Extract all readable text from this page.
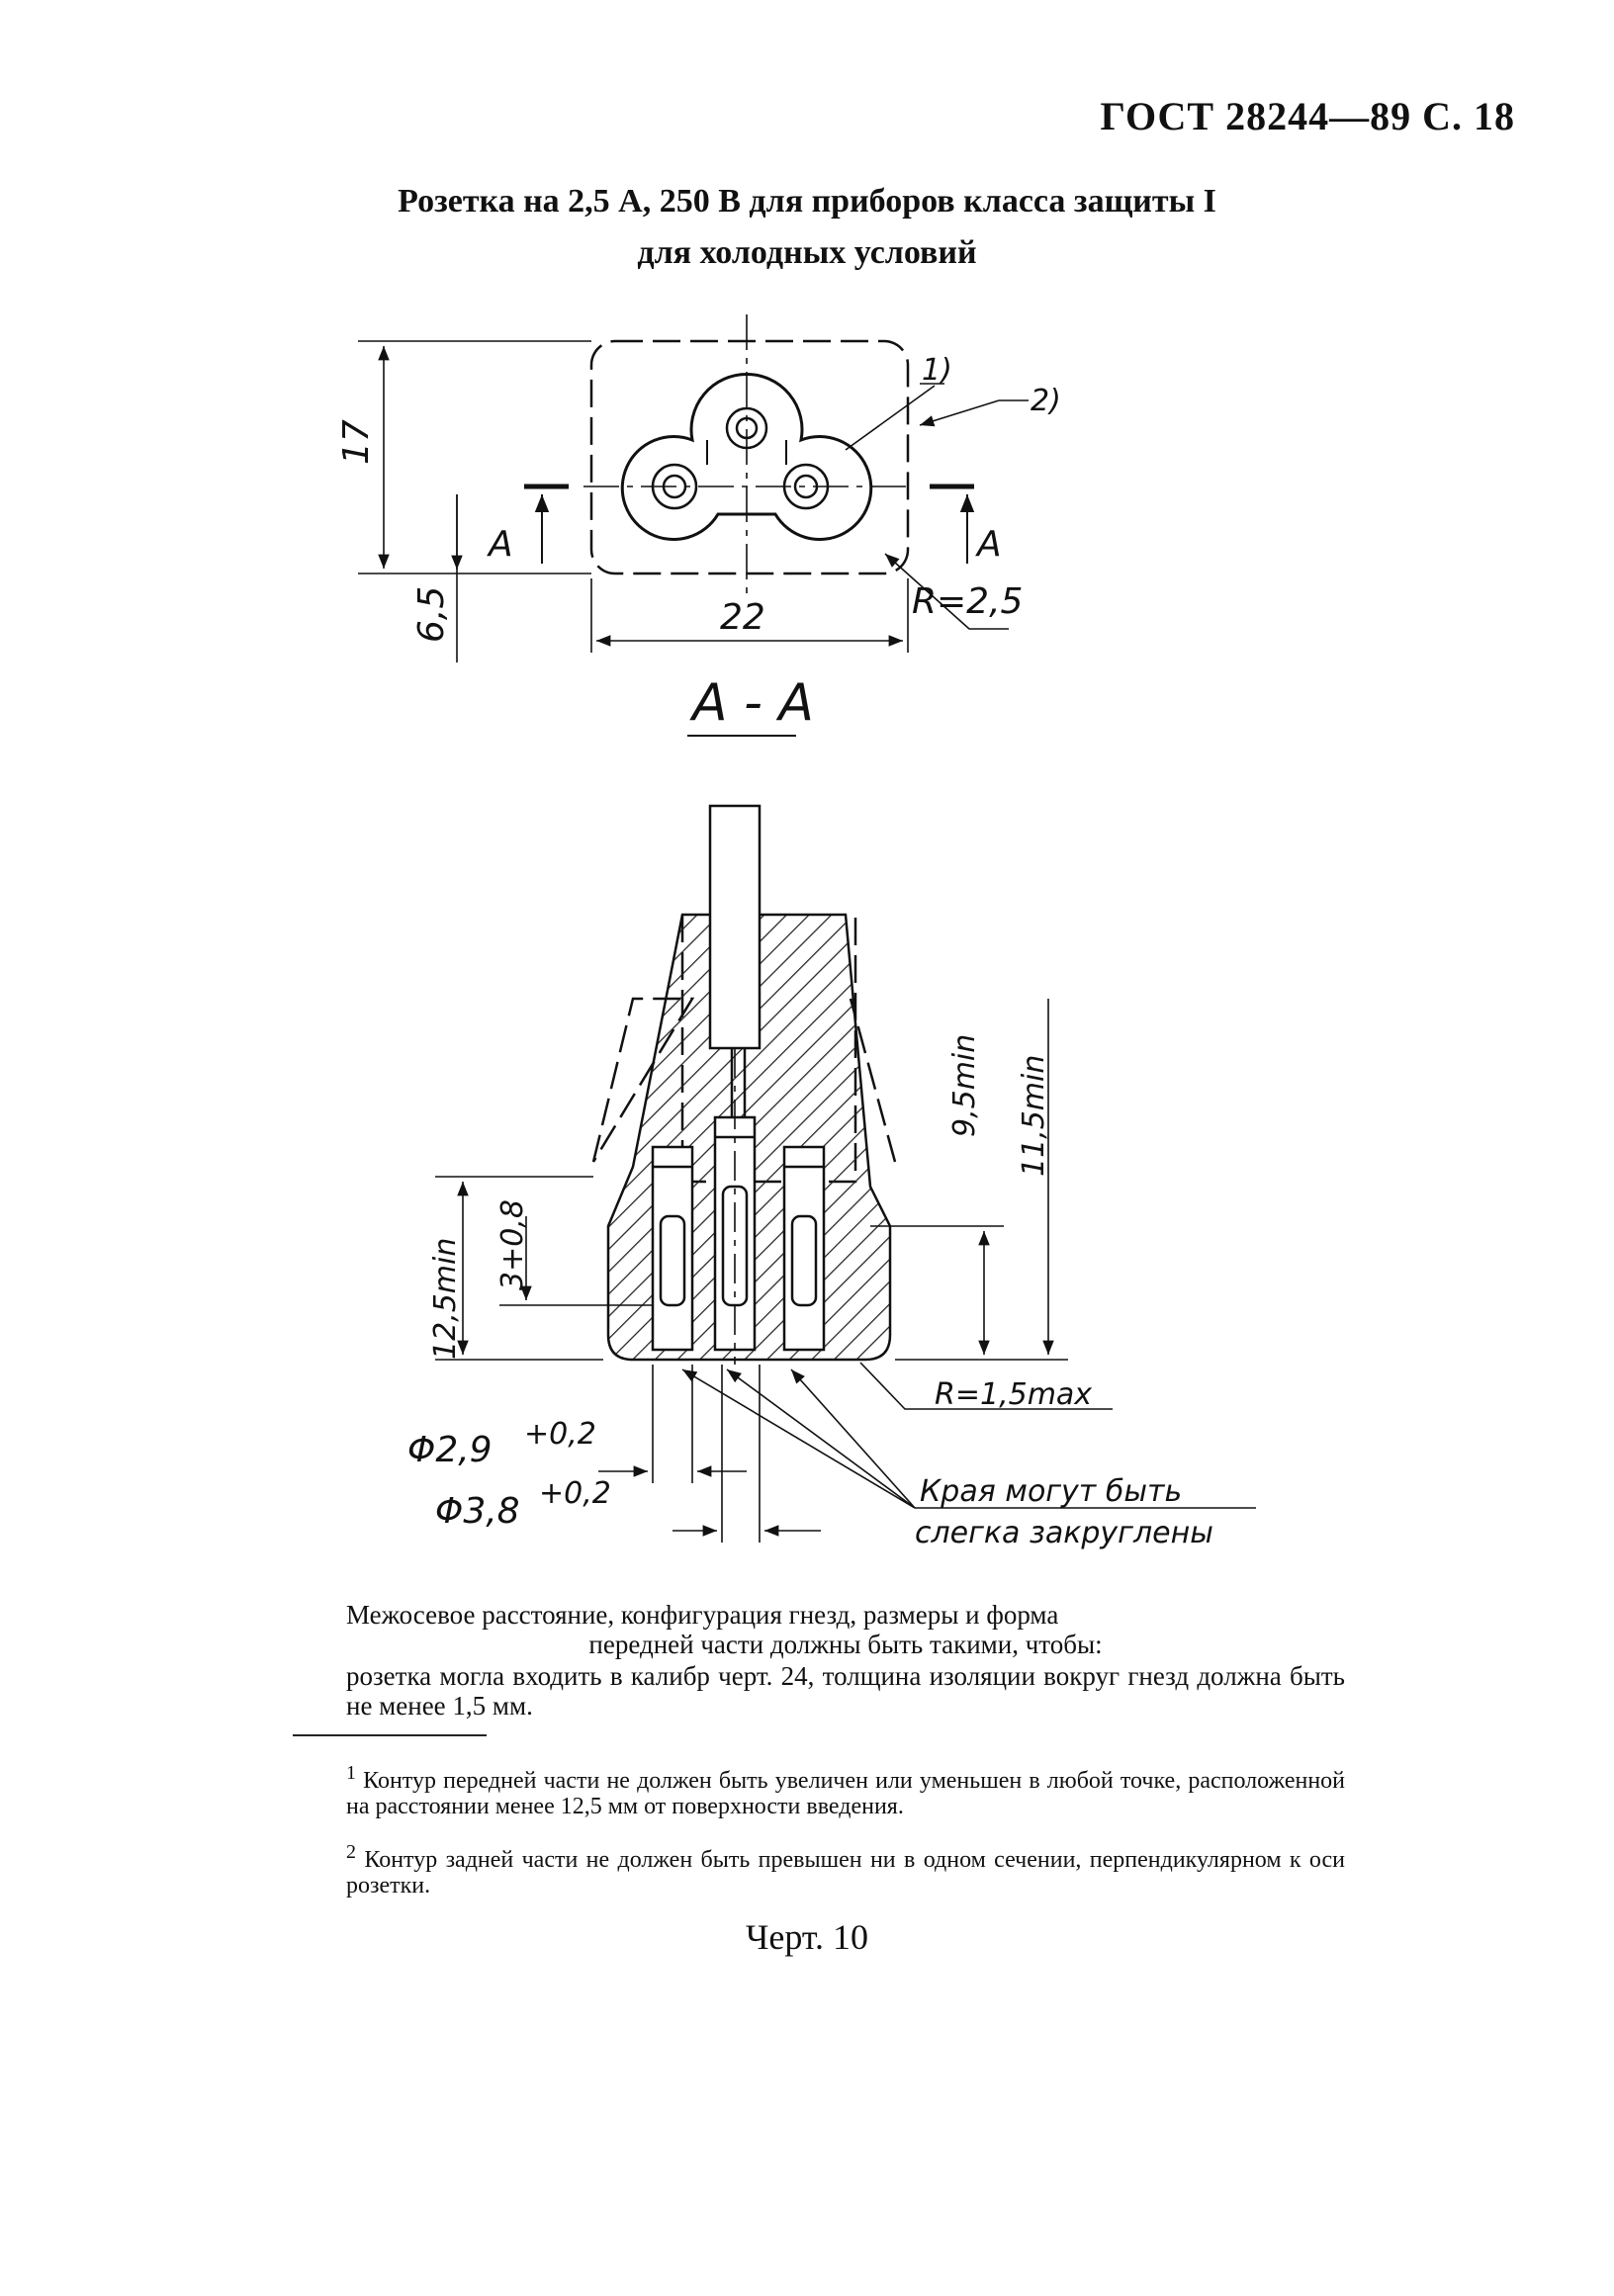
ГОСТ 28244—89 С. 18
Розетка на 2,5 А, 250 В для приборов класса защиты I
для холодных условий
17
6,5	22	R=2,5
1)
2)
A	A
A - A
9,5min 11,5min
12,5min 3+0,8
R=1,5max
Φ2,9 +0,2
Φ3,8 +0,2	Края могут быть
слегка закруглены
Межосевое расстояние, конфигурация гнезд, размеры и форма
передней части должны быть такими, чтобы:
розетка могла входить в калибр черт. 24, толщина изоляции вокруг гнезд должна быть не менее 1,5 мм.
$^1$ Контур передней части не должен быть увеличен или уменьшен в любой точке, расположенной на расстоянии менее 12,5 мм от поверхности введения.
$^2$ Контур задней части не должен быть превышен ни в одном сечении, перпендикулярном к оси розетки.
Черт. 10
